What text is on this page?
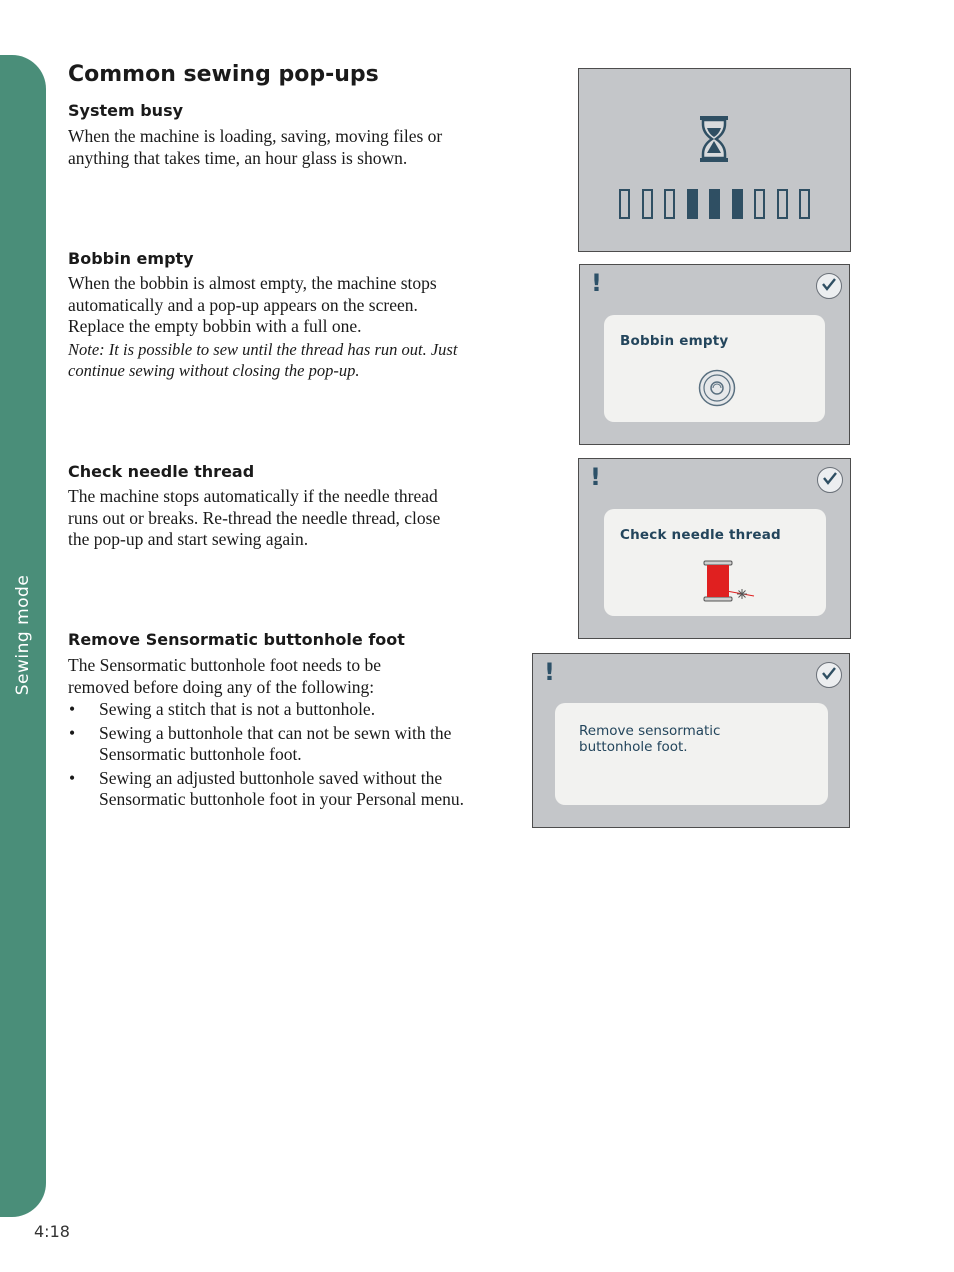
Sewing mode
Common sewing pop-ups
System busy

When the machine is loading, saving, moving files or anything that takes time, an hour glass is shown.

Bobbin empty

When the bobbin is almost empty, the machine stops automatically and a pop-up appears on the screen. Replace the empty bobbin with a full one.

Note: It is possible to sew until the thread has run out. Just continue sewing without closing the pop-up.

Check needle thread

The machine stops automatically if the needle thread runs out or breaks. Re-thread the needle thread, close the pop-up and start sewing again.

Remove Sensormatic buttonhole foot

The Sensormatic buttonhole foot needs to be removed before doing any of the following:

• Sewing a stitch that is not a buttonhole.
• Sewing a buttonhole that can not be sewn with the Sensormatic buttonhole foot.
• Sewing an adjusted buttonhole saved without the Sensormatic buttonhole foot in your Personal menu.
!
Bobbin empty
!
Check needle thread
!
Remove sensormatic buttonhole foot.
4:18
